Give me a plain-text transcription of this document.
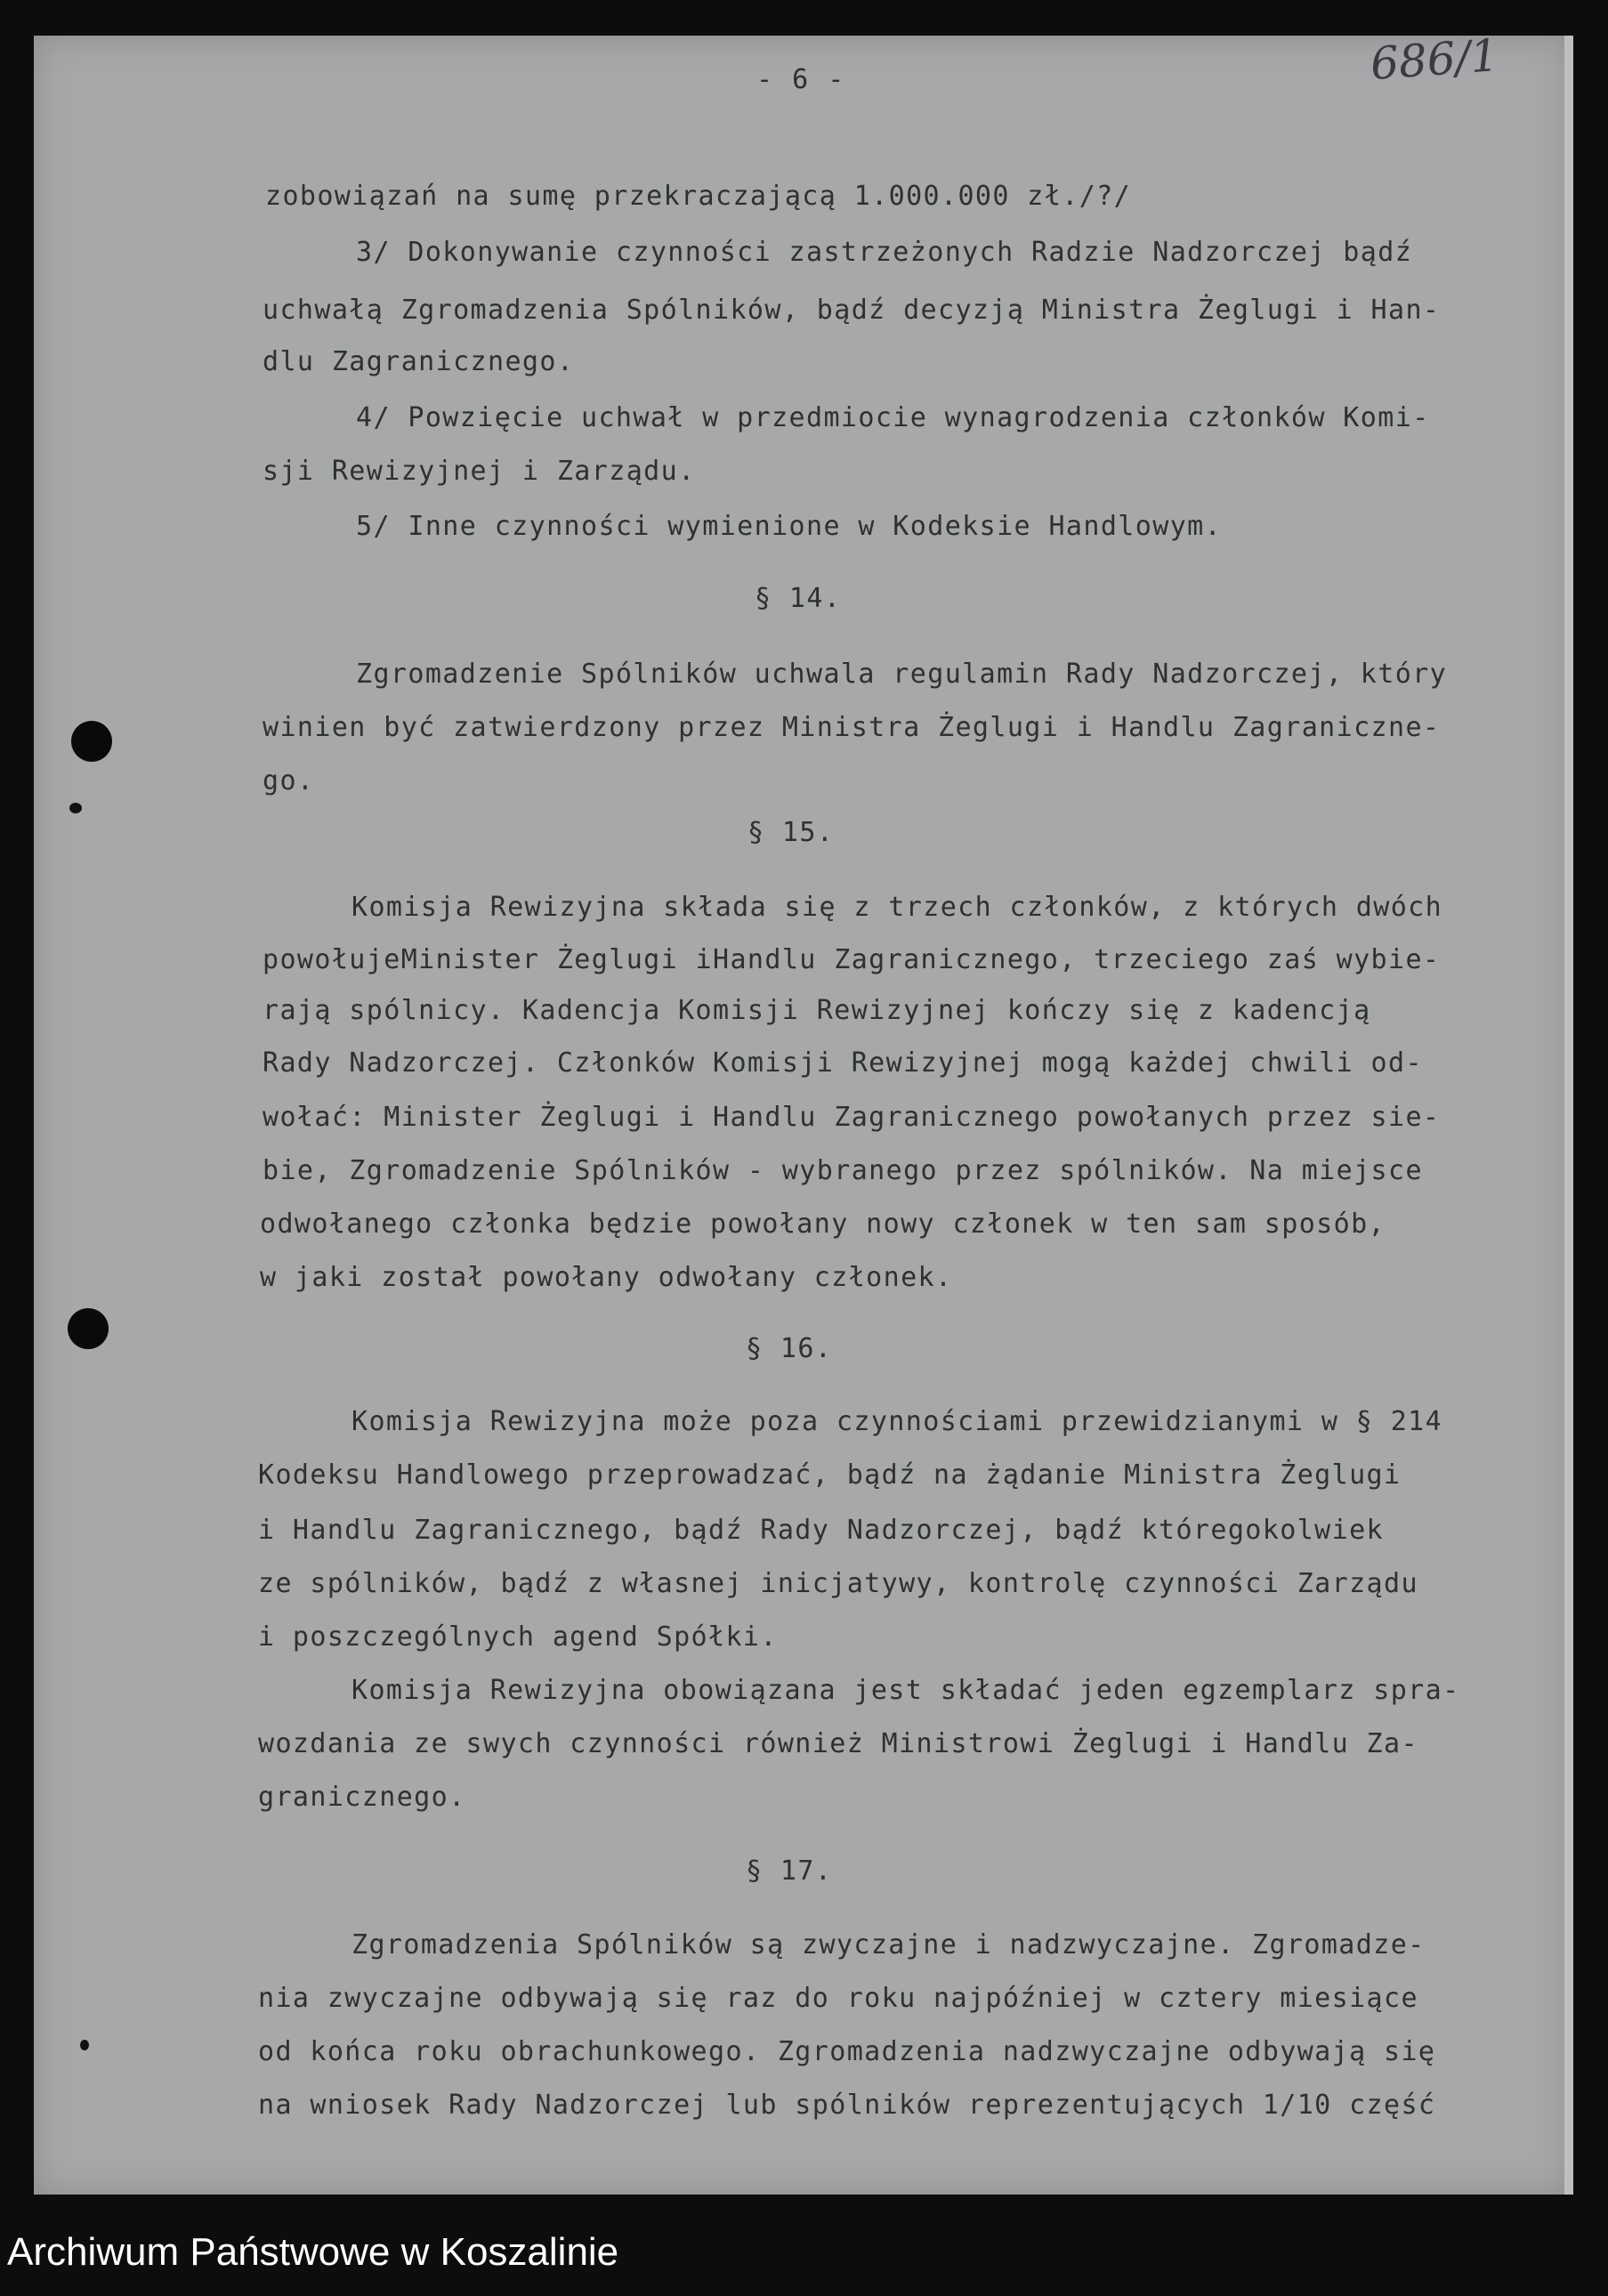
- 6 -	686/1
zobowiązań na sumę przekraczającą 1.000.000 zł./?/
3/ Dokonywanie czynności zastrzeżonych Radzie Nadzorczej bądź
uchwałą Zgromadzenia Spólników, bądź decyzją Ministra Żeglugi i Han-
dlu Zagranicznego.
4/ Powzięcie uchwał w przedmiocie wynagrodzenia członków Komi-
sji Rewizyjnej i Zarządu.
5/ Inne czynności wymienione w Kodeksie Handlowym.
§ 14.
Zgromadzenie Spólników uchwala regulamin Rady Nadzorczej, który
winien być zatwierdzony przez Ministra Żeglugi i Handlu Zagraniczne-
go.
§ 15.
Komisja Rewizyjna składa się z trzech członków, z których dwóch
powołujeMinister Żeglugi iHandlu Zagranicznego, trzeciego zaś wybie-
rają spólnicy. Kadencja Komisji Rewizyjnej kończy się z kadencją
Rady Nadzorczej. Członków Komisji Rewizyjnej mogą każdej chwili od-
wołać: Minister Żeglugi i Handlu Zagranicznego powołanych przez sie-
bie, Zgromadzenie Spólników - wybranego przez spólników. Na miejsce
odwołanego członka będzie powołany nowy członek w ten sam sposób,
w jaki został powołany odwołany członek.
§ 16.
Komisja Rewizyjna może poza czynnościami przewidzianymi w § 214
Kodeksu Handlowego przeprowadzać, bądź na żądanie Ministra Żeglugi
i Handlu Zagranicznego, bądź Rady Nadzorczej, bądź któregokolwiek
ze spólników, bądź z własnej inicjatywy, kontrolę czynności Zarządu
i poszczególnych agend Spółki.
Komisja Rewizyjna obowiązana jest składać jeden egzemplarz spra-
wozdania ze swych czynności również Ministrowi Żeglugi i Handlu Za-
granicznego.
§ 17.
Zgromadzenia Spólników są zwyczajne i nadzwyczajne. Zgromadze-
nia zwyczajne odbywają się raz do roku najpóźniej w cztery miesiące
od końca roku obrachunkowego. Zgromadzenia nadzwyczajne odbywają się
na wniosek Rady Nadzorczej lub spólników reprezentujących 1/10 część
Archiwum Państwowe w Koszalinie
